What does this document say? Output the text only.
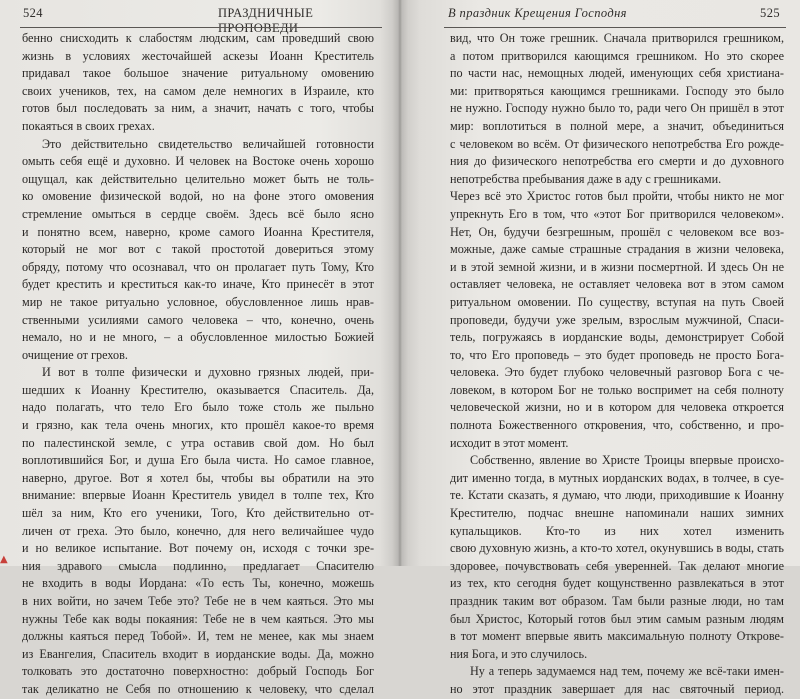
524	ПРАЗДНИЧНЫЕ ПРОПОВЕДИ
бенно снисходить к слабостям людским, сам проведший свою
жизнь в условиях жесточайшей аскезы Иоанн Креститель
придавал такое большое значение ритуальному омовению
своих учеников, тех, на самом деле немногих в Израиле, кто
готов был последовать за ним, а значит, начать с того, чтобы
покаяться в своих грехах.
Это действительно свидетельство величайшей готовности
омыть себя ещё и духовно. И человек на Востоке очень хорошо
ощущал, как действительно целительно может быть не толь-
ко омовение физической водой, но на фоне этого омовения
стремление омыться в сердце своём. Здесь всё было ясно
и понятно всем, наверно, кроме самого Иоанна Крестителя,
который не мог вот с такой простотой довериться этому
обряду, потому что осознавал, что он пролагает путь Тому, Кто
будет крестить и креститься как-то иначе, Кто принесёт в этот
мир не такое ритуально условное, обусловленное лишь нрав-
ственными усилиями самого человека – что, конечно, очень
немало, но и не много, – а обусловленное милостью Божией
очищение от грехов.
И вот в толпе физически и духовно грязных людей, при-
шедших к Иоанну Крестителю, оказывается Спаситель. Да,
надо полагать, что тело Его было тоже столь же пыльно
и грязно, как тела очень многих, кто прошёл какое-то время
по палестинской земле, с утра оставив свой дом. Но был
воплотившийся Бог, и душа Его была чиста. Но самое главное,
наверно, другое. Вот я хотел бы, чтобы вы обратили на это
внимание: впервые Иоанн Креститель увидел в толпе тех, Кто
шёл за ним, Кто его ученики, Того, Кто действительно от-
личен от греха. Это было, конечно, для него величайшее чудо
и но великое испытание. Вот почему он, исходя с точки зре-
ния здравого смысла подлинно, предлагает Спасителю
не входить в воды Иордана: «То есть Ты, конечно, можешь
в них войти, но зачем Тебе это? Тебе не в чем каяться. Это мы
нужны Тебе как воды покаяния: Тебе не в чем каяться. Это мы
должны каяться перед Тобой». И, тем не менее, как мы знаем
из Евангелия, Спаситель входит в иорданские воды. Да, можно
толковать это достаточно поверхностно: добрый Господь Бог
так деликатно не Себя по отношению к человеку, что сделал
В праздник Крещения Господня	525
вид, что Он тоже грешник. Сначала притворился грешником,
а потом притворился кающимся грешником. Но это скорее
по части нас, немощных людей, именующих себя христиана-
ми: притворяться кающимся грешниками. Господу это было
не нужно. Господу нужно было то, ради чего Он пришёл в этот
мир: воплотиться в полной мере, а значит, объединиться
с человеком во всём. От физического непотребства Его рожде-
ния до физического непотребства его смерти и до духовного
непотребства пребывания даже в аду с грешниками.
Через всё это Христос готов был пройти, чтобы никто не мог
упрекнуть Его в том, что «этот Бог притворился человеком».
Нет, Он, будучи безгрешным, прошёл с человеком все воз-
можные, даже самые страшные страдания в жизни человека,
и в этой земной жизни, и в жизни посмертной. И здесь Он не
оставляет человека, не оставляет человека вот в этом самом
ритуальном омовении. По существу, вступая на путь Своей
проповеди, будучи уже зрелым, взрослым мужчиной, Спаси-
тель, погружаясь в иорданские воды, демонстрирует Собой
то, что Его проповедь – это будет проповедь не просто Бога-
человека. Это будет глубоко человечный разговор Бога с че-
ловеком, в котором Бог не только воспримет на себя полноту
человеческой жизни, но и в котором для человека откроется
полнота Божественного откровения, что, собственно, и про-
исходит в этот момент.
Собственно, явление во Христе Троицы впервые происхо-
дит именно тогда, в мутных иорданских водах, в толчее, в суе-
те. Кстати сказать, я думаю, что люди, приходившие к Иоанну
Крестителю, подчас внешне напоминали наших зимних
купальщиков. Кто-то из них хотел изменить
свою духовную жизнь, а кто-то хотел, окунувшись в воды, стать
здоровее, почувствовать себя уверенней. Так делают многие
из тех, кто сегодня будет кощунственно развлекаться в этот
праздник таким вот образом. Там были разные люди, но там
был Христос, Который готов был этим самым разным людям
в тот момент впервые явить максимальную полноту Открове-
ния Бога, и это случилось.
Ну а теперь задумаемся над тем, почему же всё-таки имен-
но этот праздник завершает для нас святочный период.
▲
